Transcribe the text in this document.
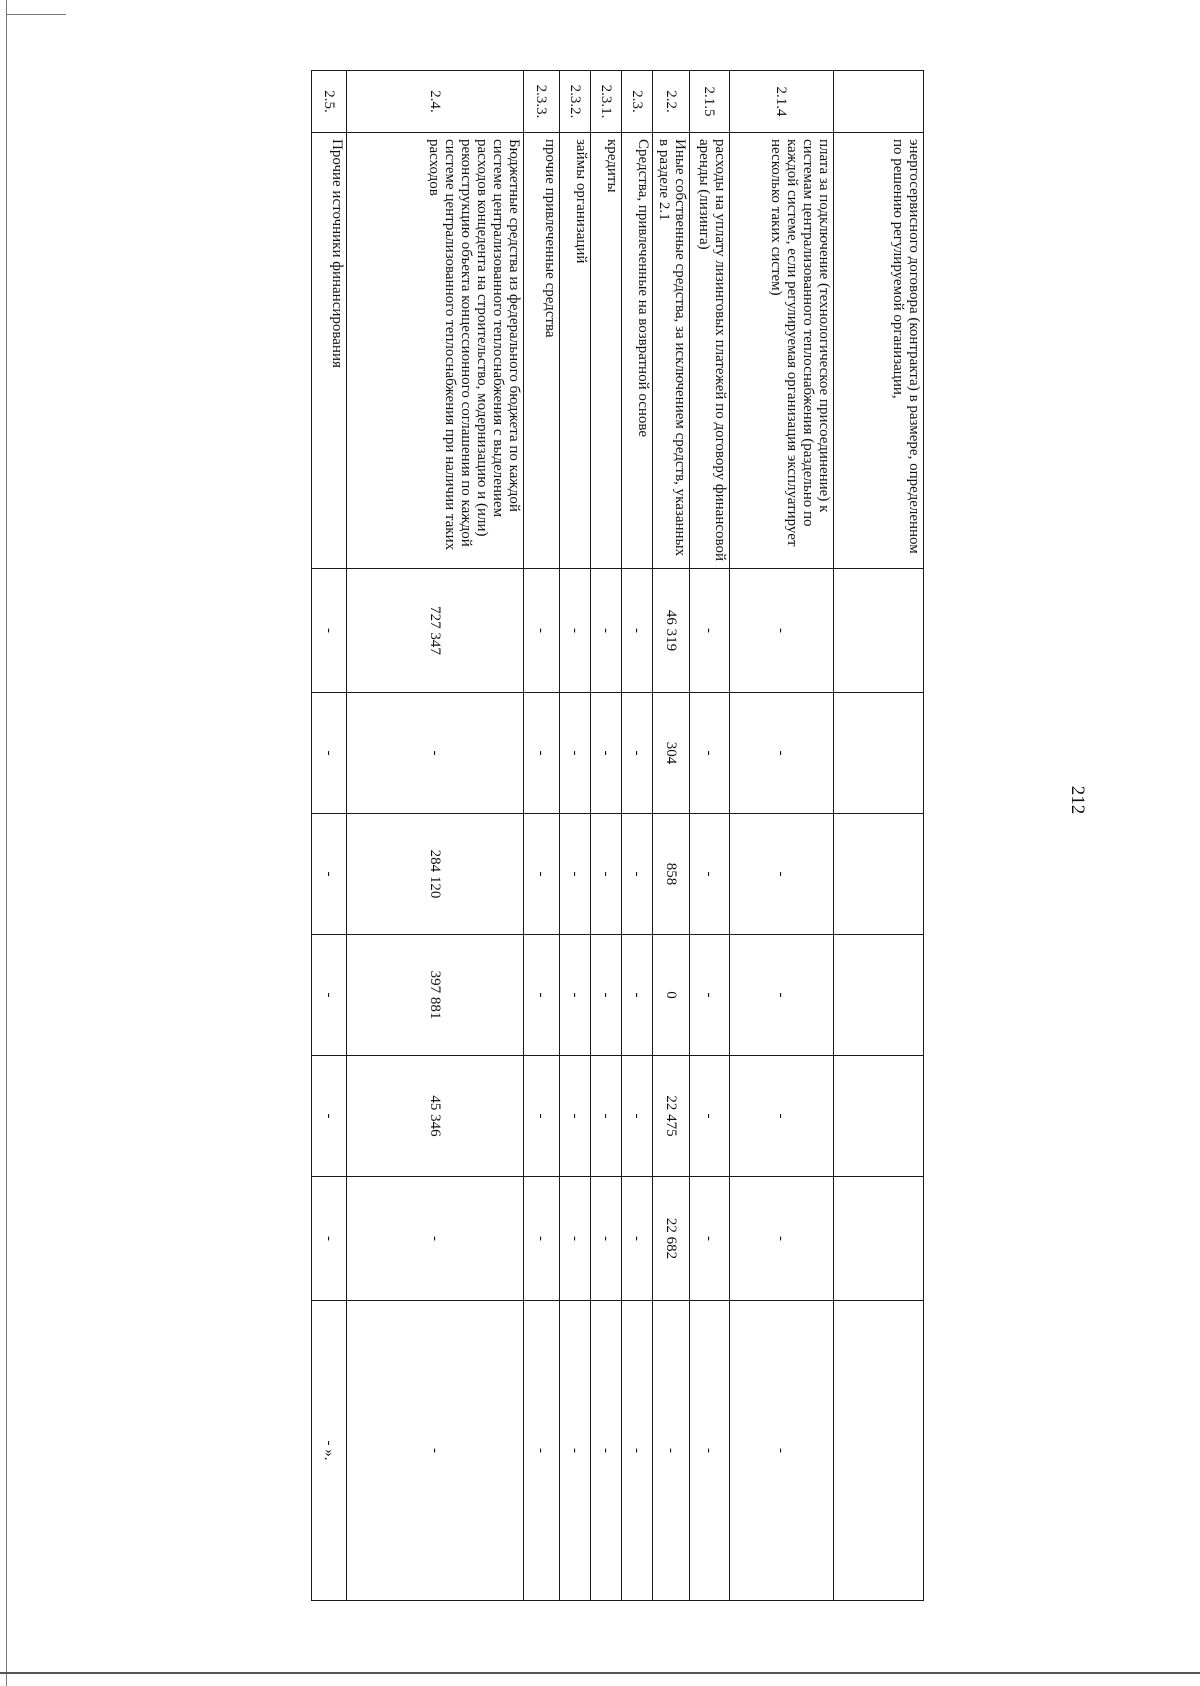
212
	энергосервисного договора (контракта) в размере, определенном по решению регулируемой организации,							
2.1.4	плата за подключение (технологическое присоединение) к системам централизованного теплоснабжения (раздельно по каждой системе, если регулируемая организация эксплуатирует несколько таких систем)	-	-	-	-	-	-	-
2.1.5	расходы на уплату лизинговых платежей по договору финансовой аренды (лизинга)	-	-	-	-	-	-	-
2.2.	Иные собственные средства, за исключением средств, указанных в разделе 2.1	46 319	304	858	0	22 475	22 682	-
2.3.	Средства, привлеченные на возвратной основе	-	-	-	-	-	-	-
2.3.1.	кредиты	-	-	-	-	-	-	-
2.3.2.	займы организаций	-	-	-	-	-	-	-
2.3.3.	прочие привлеченные средства	-	-	-	-	-	-	-
2.4.	Бюджетные средства из федерального бюджета по каждой системе централизованного теплоснабжения с выделением расходов концедента на строительство, модернизацию и (или) реконструкцию объекта концессионного соглашения по каждой системе централизованного теплоснабжения при наличии таких расходов	727 347	-	284 120	397 881	45 346	-	-
2.5.	Прочие источники финансирования	-	-	-	-	-	-	- ».
